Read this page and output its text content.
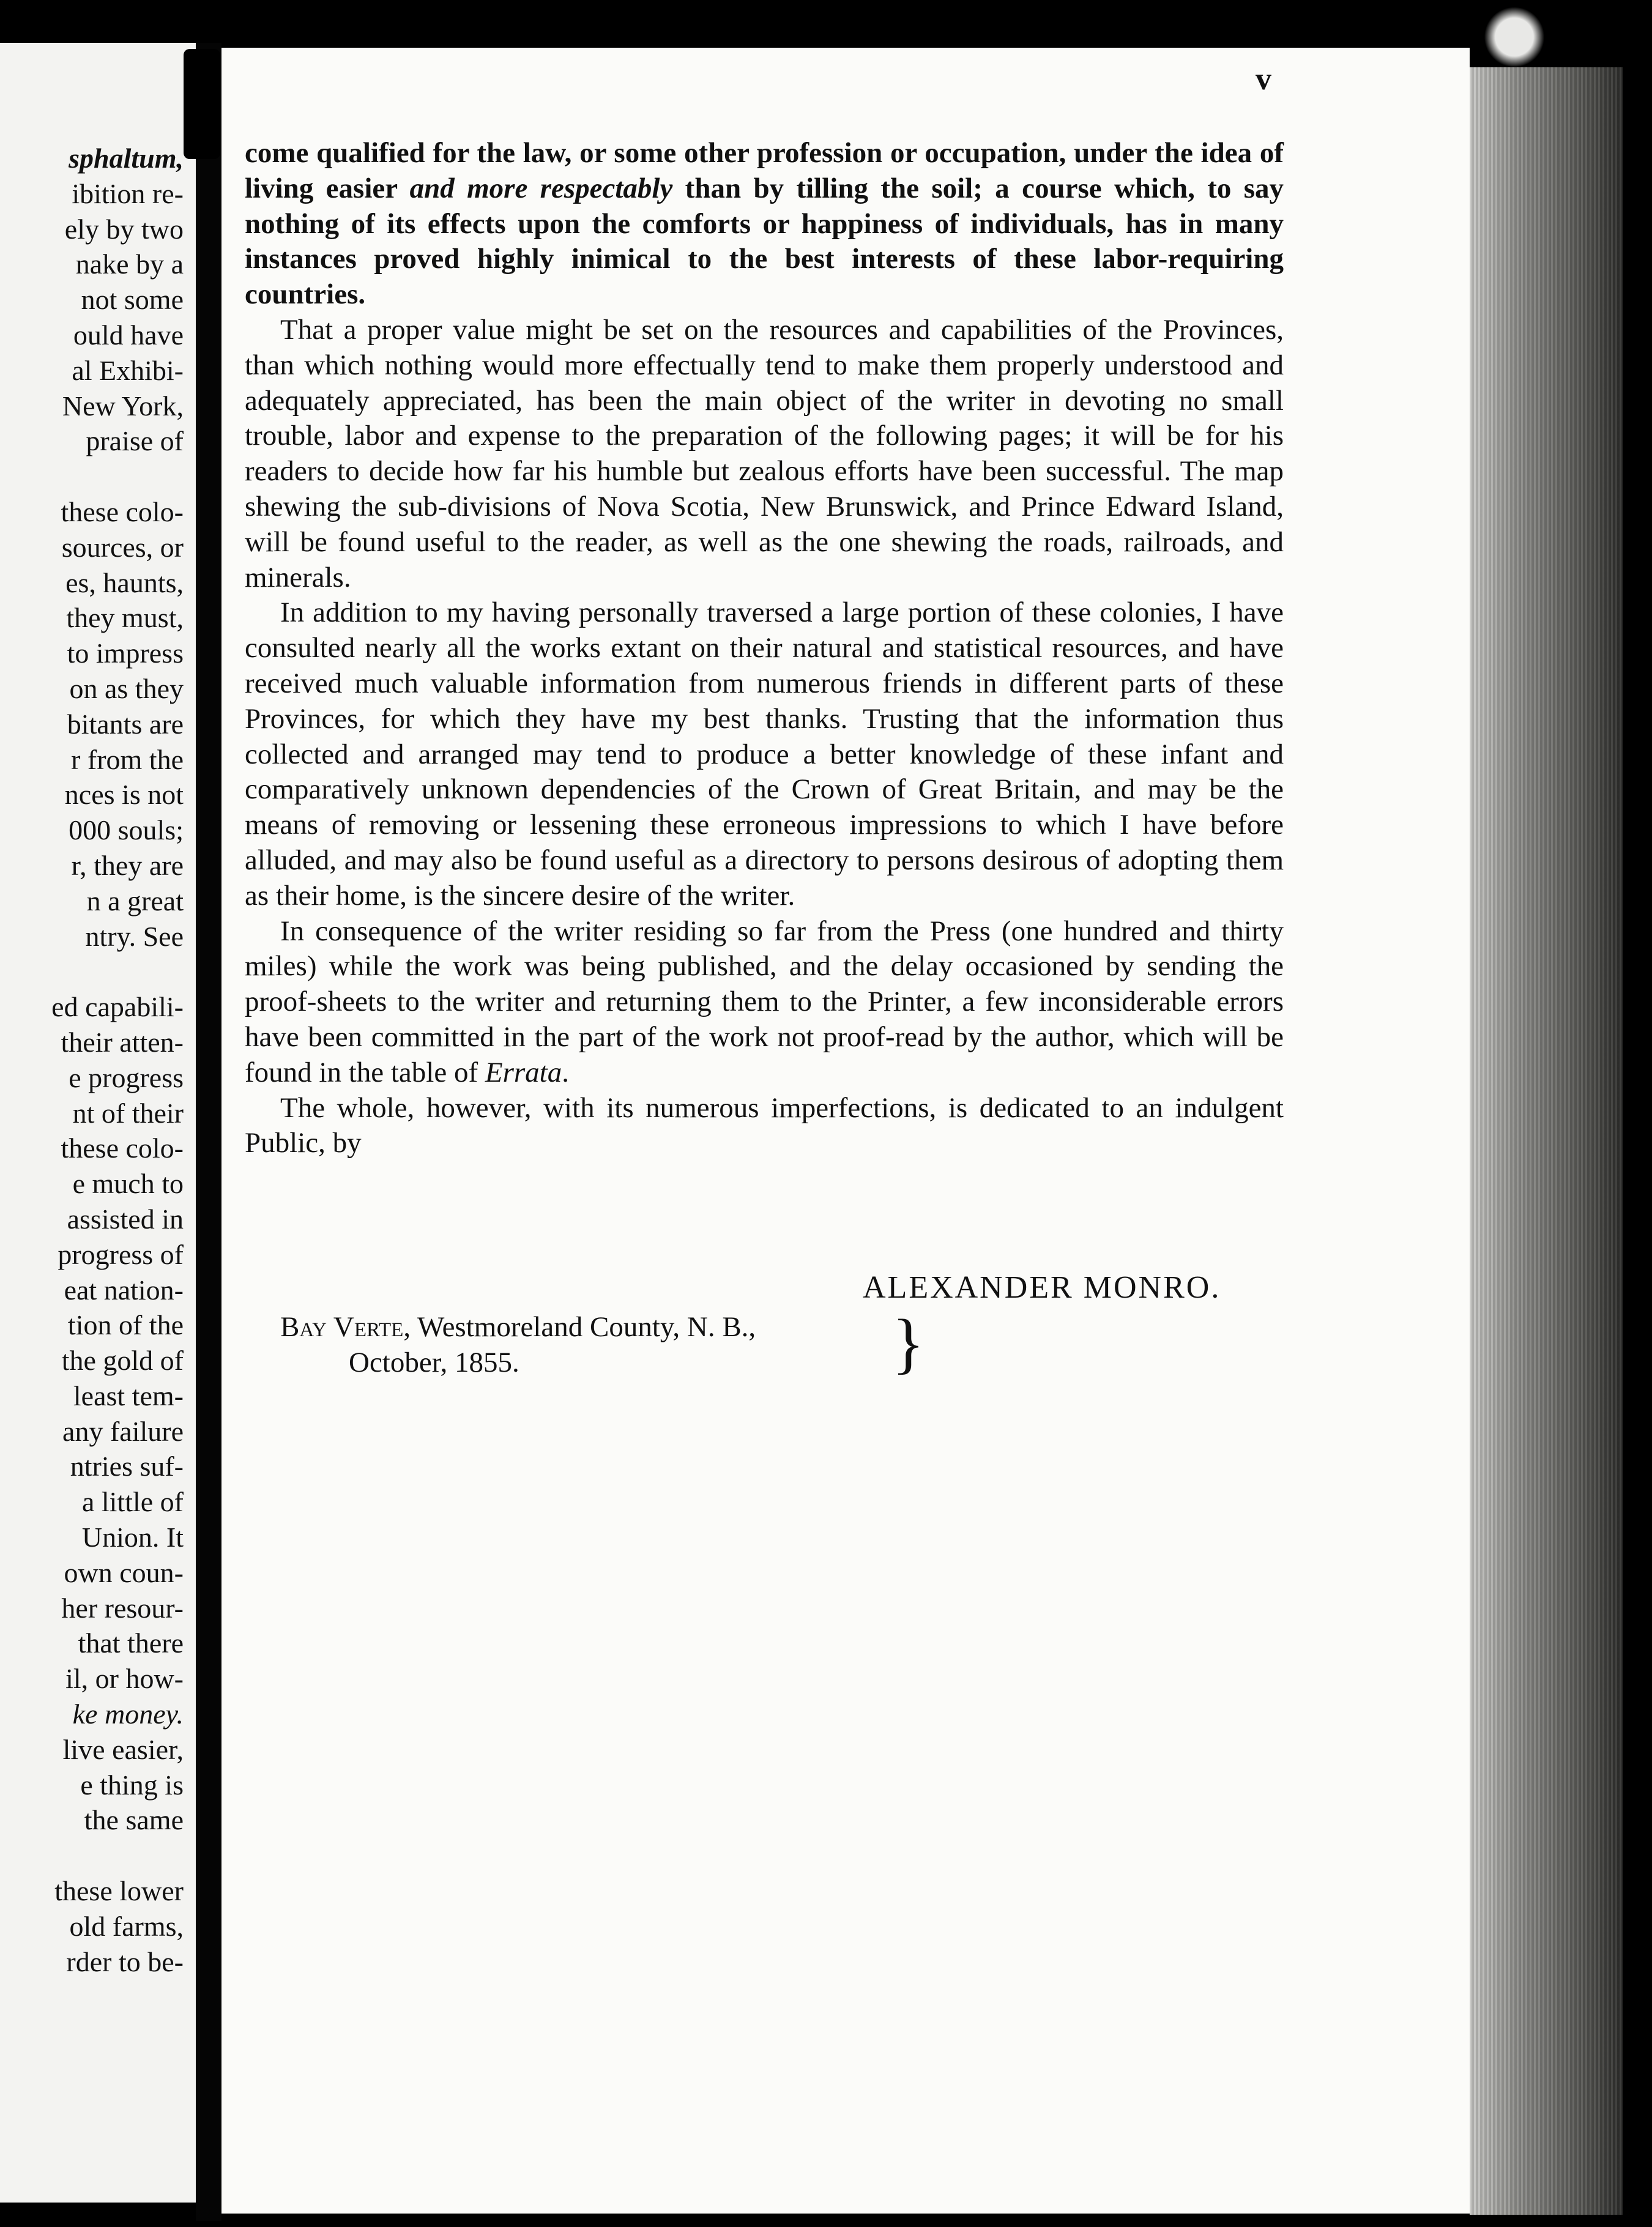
sphaltum,
ibition re-
ely by two
nake by a
not some
ould have
al Exhibi-
New York,
praise of
these colo-
sources, or
es, haunts,
they must,
to impress
on as they
bitants are
r from the
nces is not
000 souls;
r, they are
n a great
ntry. See
ed capabili-
their atten-
e progress
nt of their
these colo-
e much to
assisted in
progress of
eat nation-
tion of the
the gold of
least tem-
any failure
ntries suf-
a little of
Union. It
own coun-
her resour-
that there
il, or how-
ke money.
live easier,
e thing is
the same
these lower
old farms,
rder to be-
v

come qualified for the law, or some other profession or occupation, under the idea of living easier and more respectably than by tilling the soil; a course which, to say nothing of its effects upon the comforts or happiness of individuals, has in many instances proved highly inimical to the best interests of these labor-requiring countries.

That a proper value might be set on the resources and capabilities of the Provinces, than which nothing would more effectually tend to make them properly understood and adequately appreciated, has been the main object of the writer in devoting no small trouble, labor and expense to the preparation of the following pages; it will be for his readers to decide how far his humble but zealous efforts have been successful. The map shewing the sub-divisions of Nova Scotia, New Brunswick, and Prince Edward Island, will be found useful to the reader, as well as the one shewing the roads, railroads, and minerals.

In addition to my having personally traversed a large portion of these colonies, I have consulted nearly all the works extant on their natural and statistical resources, and have received much valuable information from numerous friends in different parts of these Provinces, for which they have my best thanks. Trusting that the information thus collected and arranged may tend to produce a better knowledge of these infant and comparatively unknown dependencies of the Crown of Great Britain, and may be the means of removing or lessening these erroneous impressions to which I have before alluded, and may also be found useful as a directory to persons desirous of adopting them as their home, is the sincere desire of the writer.

In consequence of the writer residing so far from the Press (one hundred and thirty miles) while the work was being published, and the delay occasioned by sending the proof-sheets to the writer and returning them to the Printer, a few inconsiderable errors have been committed in the part of the work not proof-read by the author, which will be found in the table of Errata.

The whole, however, with its numerous imperfections, is dedicated to an indulgent Public, by

ALEXANDER MONRO.
Bay Verte, Westmoreland County, N. B.,
October, 1855.	}
